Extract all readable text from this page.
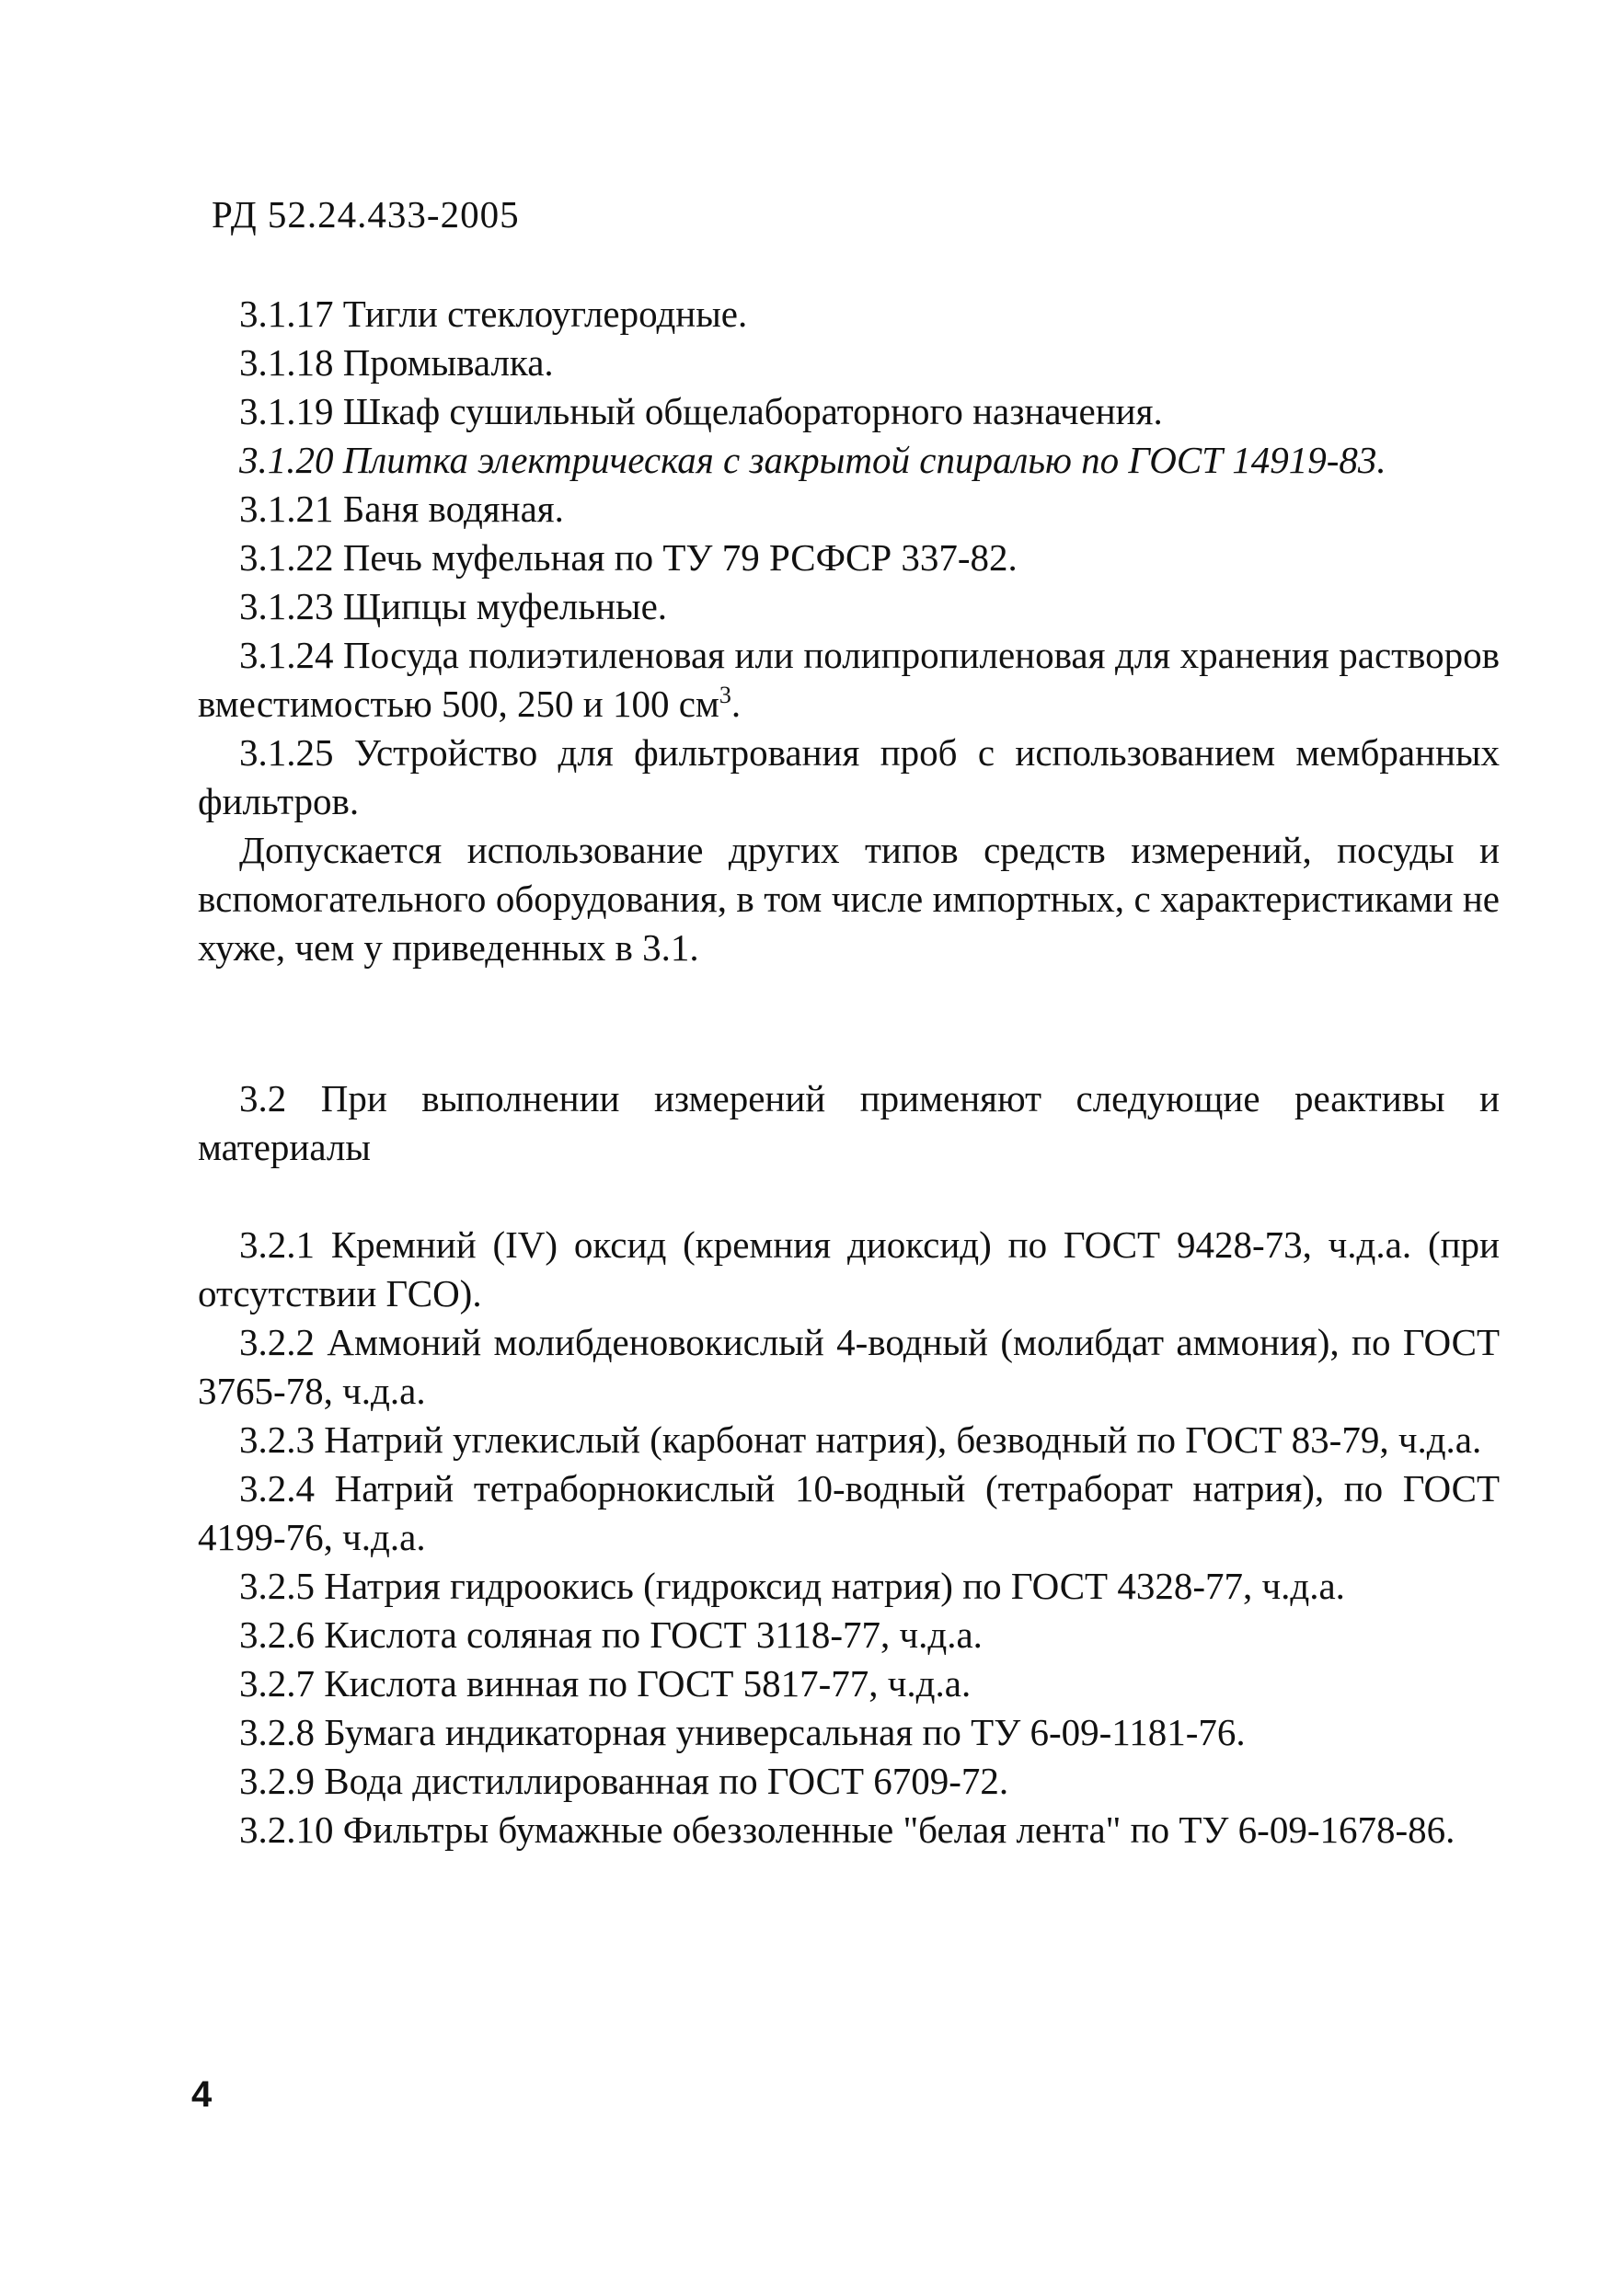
РД 52.24.433-2005

3.1.17 Тигли стеклоуглеродные.

3.1.18 Промывалка.

3.1.19 Шкаф сушильный общелабораторного назначения.

3.1.20 Плитка электрическая с закрытой спиралью по ГОСТ 14919-83.

3.1.21 Баня водяная.

3.1.22 Печь муфельная по ТУ 79 РСФСР 337-82.

3.1.23 Щипцы муфельные.

3.1.24 Посуда полиэтиленовая или полипропиленовая для хранения растворов вместимостью 500, 250 и 100 $см^3$.

3.1.25 Устройство для фильтрования проб с использованием мембранных фильтров.

Допускается использование других типов средств измерений, посуды и вспомогательного оборудования, в том числе импортных, с характеристиками не хуже, чем у приведенных в 3.1.

3.2 При выполнении измерений применяют следующие реактивы и материалы

3.2.1 Кремний (IV) оксид (кремния диоксид) по ГОСТ 9428-73, ч.д.а. (при отсутствии ГСО).

3.2.2 Аммоний молибденовокислый 4-водный (молибдат аммония), по ГОСТ 3765-78, ч.д.а.

3.2.3 Натрий углекислый (карбонат натрия), безводный по ГОСТ 83-79, ч.д.а.

3.2.4 Натрий тетраборнокислый 10-водный (тетраборат натрия), по ГОСТ 4199-76, ч.д.а.

3.2.5 Натрия гидроокись (гидроксид натрия) по ГОСТ 4328-77, ч.д.а.

3.2.6 Кислота соляная по ГОСТ 3118-77, ч.д.а.

3.2.7 Кислота винная по ГОСТ 5817-77, ч.д.а.

3.2.8 Бумага индикаторная универсальная по ТУ 6-09-1181-76.

3.2.9 Вода дистиллированная по ГОСТ 6709-72.

3.2.10 Фильтры бумажные обеззоленные "белая лента" по ТУ 6-09-1678-86.

4
